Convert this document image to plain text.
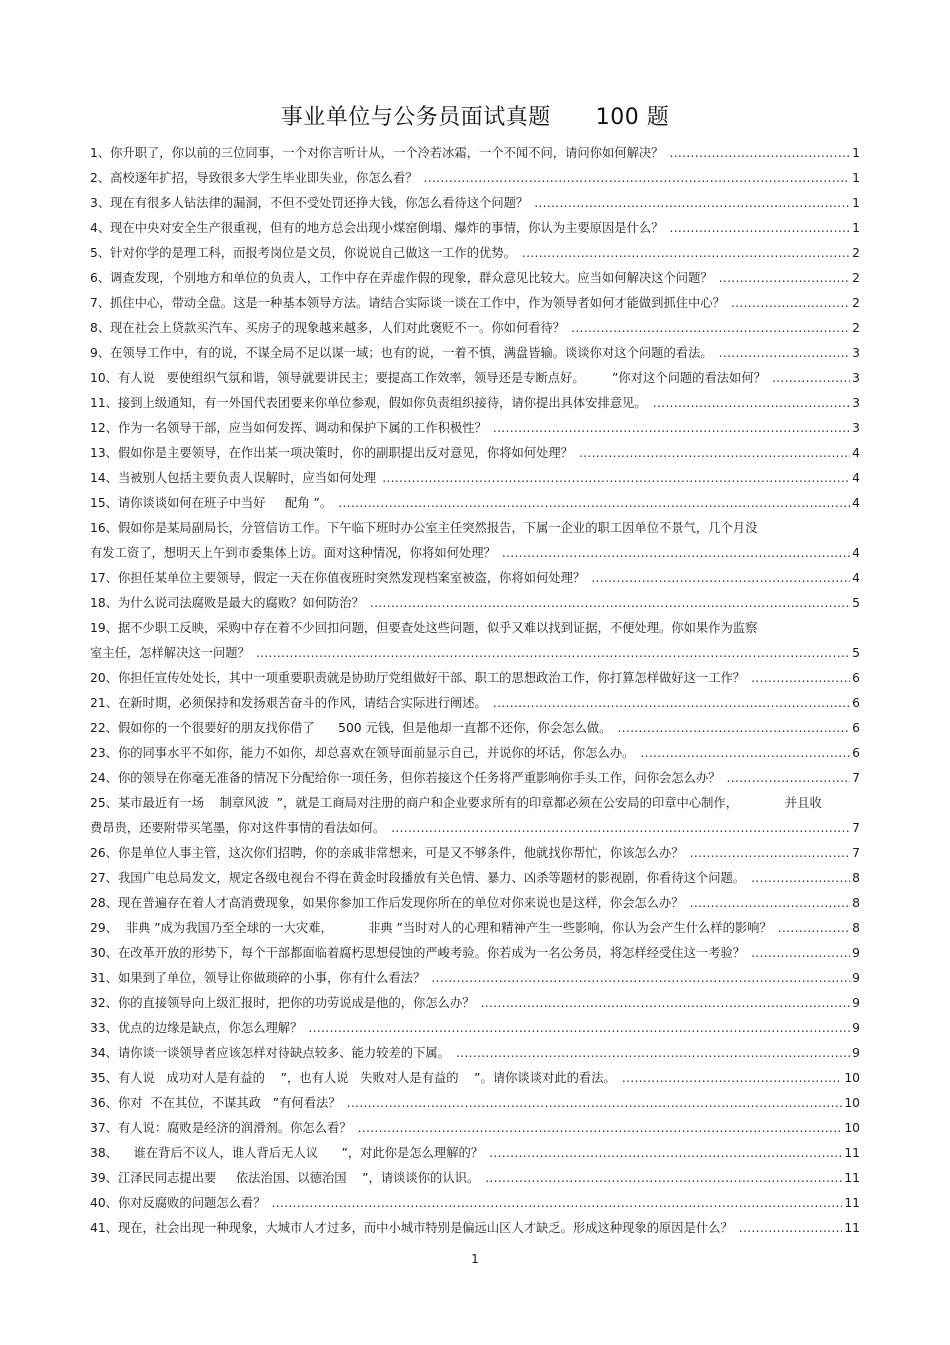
事业单位与公务员面试真题      100 题
1、你升职了，你以前的三位同事，一个对你言听计从，一个冷若冰霜，一个不闻不问，请问你如何解决？ .....	1
2、高校逐年扩招，导致很多大学生毕业即失业，你怎么看？ .....	1
3、现在有很多人钻法律的漏洞，不但不受处罚还挣大钱，你怎么看待这个问题？ .....	1
4、现在中央对安全生产很重视，但有的地方总会出现小煤窑倒塌、爆炸的事情，你认为主要原因是什么？ .....	1
5、针对你学的是理工科，而报考岗位是文员，你说说自己做这一工作的优势。 .....	2
6、调查发现，个别地方和单位的负责人，工作中存在弄虚作假的现象，群众意见比较大。应当如何解决这个问题？ .....	2
7、抓住中心，带动全盘。这是一种基本领导方法。请结合实际谈一谈在工作中，作为领导者如何才能做到抓住中心？ .....	2
8、现在社会上贷款买汽车、买房子的现象越来越多，人们对此褒贬不一。你如何看待？ .....	2
9、在领导工作中，有的说，不谋全局不足以谋一域；也有的说，一着不慎，满盘皆输。谈谈你对这个问题的看法。 .....	3
10、有人说   要使组织气氛和谐，领导就要讲民主；要提高工作效率，领导还是专断点好。       ”你对这个问题的看法如何？ .....	3
11、接到上级通知，有一外国代表团要来你单位参观，假如你负责组织接待，请你提出具体安排意见。 .....	3
12、作为一名领导干部，应当如何发挥、调动和保护下属的工作积极性？ .....	3
13、假如你是主要领导，在作出某一项决策时，你的副职提出反对意见，你将如何处理？ .....	4
14、当被别人包括主要负责人误解时，应当如何处理 .....	4
15、请你谈谈如何在班子中当好     配角 ”。 .....	4
16、假如你是某局副局长，分管信访工作。下午临下班时办公室主任突然报告，下属一企业的职工因单位不景气，几个月没
有发工资了，想明天上午到市委集体上访。面对这种情况，你将如何处理？ .....	4
17、你担任某单位主要领导，假定一天在你值夜班时突然发现档案室被盗，你将如何处理？ .....	4
18、为什么说司法腐败是最大的腐败？如何防治？ .....	5
19、据不少职工反映，采购中存在着不少回扣问题，但要查处这些问题，似乎又难以找到证据，不便处理。你如果作为监察
室主任，怎样解决这一问题？ .....	5
20、你担任宣传处处长，其中一项重要职责就是协助厅党组做好干部、职工的思想政治工作，你打算怎样做好这一工作？ .....	6
21、在新时期，必须保持和发扬艰苦奋斗的作风，请结合实际进行阐述。 .....	6
22、假如你的一个很要好的朋友找你借了      500 元钱，但是他却一直都不还你，你会怎么做。 .....	6
23、你的同事水平不如你，能力不如你，却总喜欢在领导面前显示自己，并说你的坏话，你怎么办。 .....	6
24、你的领导在你毫无准备的情况下分配给你一项任务，但你若接这个任务将严重影响你手头工作，问你会怎么办？ .....	7
25、某市最近有一场    制章风波  ”，就是工商局对注册的商户和企业要求所有的印章都必须在公安局的印章中心制作，            并且收
费昂贵，还要附带买笔墨，你对这件事情的看法如何。 .....	7
26、你是单位人事主管，这次你们招聘，你的亲戚非常想来，可是又不够条件，他就找你帮忙，你该怎么办？ .....	7
27、我国广电总局发文，规定各级电视台不得在黄金时段播放有关色情、暴力、凶杀等题材的影视剧，你看待这个问题。 .....	8
28、现在普遍存在着人才高消费现象，如果你参加工作后发现你所在的单位对你来说也是这样，你会怎么办？ .....	8
29、  非典 ”成为我国乃至全球的一大灾难，         非典 ”当时对人的心理和精神产生一些影响，你认为会产生什么样的影响？ .....	8
30、在改革开放的形势下，每个干部都面临着腐朽思想侵蚀的严峻考验。你若成为一名公务员，将怎样经受住这一考验？ .....	9
31、如果到了单位，领导让你做琐碎的小事，你有什么看法？ .....	9
32、你的直接领导向上级汇报时，把你的功劳说成是他的，你怎么办？ .....	9
33、优点的边缘是缺点，你怎么理解？ .....	9
34、请你谈一谈领导者应该怎样对待缺点较多、能力较差的下属。 .....	9
35、有人说   成功对人是有益的    ”，也有人说   失败对人是有益的    ”。请你谈谈对此的看法。 .....	10
36、你对  不在其位，不谋其政   ”有何看法？ .....	10
37、有人说：腐败是经济的润滑剂。你怎么看？ .....	10
38、    谁在背后不议人，谁人背后无人议      ”，对此你是怎么理解的？ .....	11
39、江泽民同志提出要     依法治国、以德治国    ”，请谈谈你的认识。 .....	11
40、你对反腐败的问题怎么看？ .....	11
41、现在，社会出现一种现象，大城市人才过多，而中小城市特别是偏远山区人才缺乏。形成这种现象的原因是什么？ .....	11
1
